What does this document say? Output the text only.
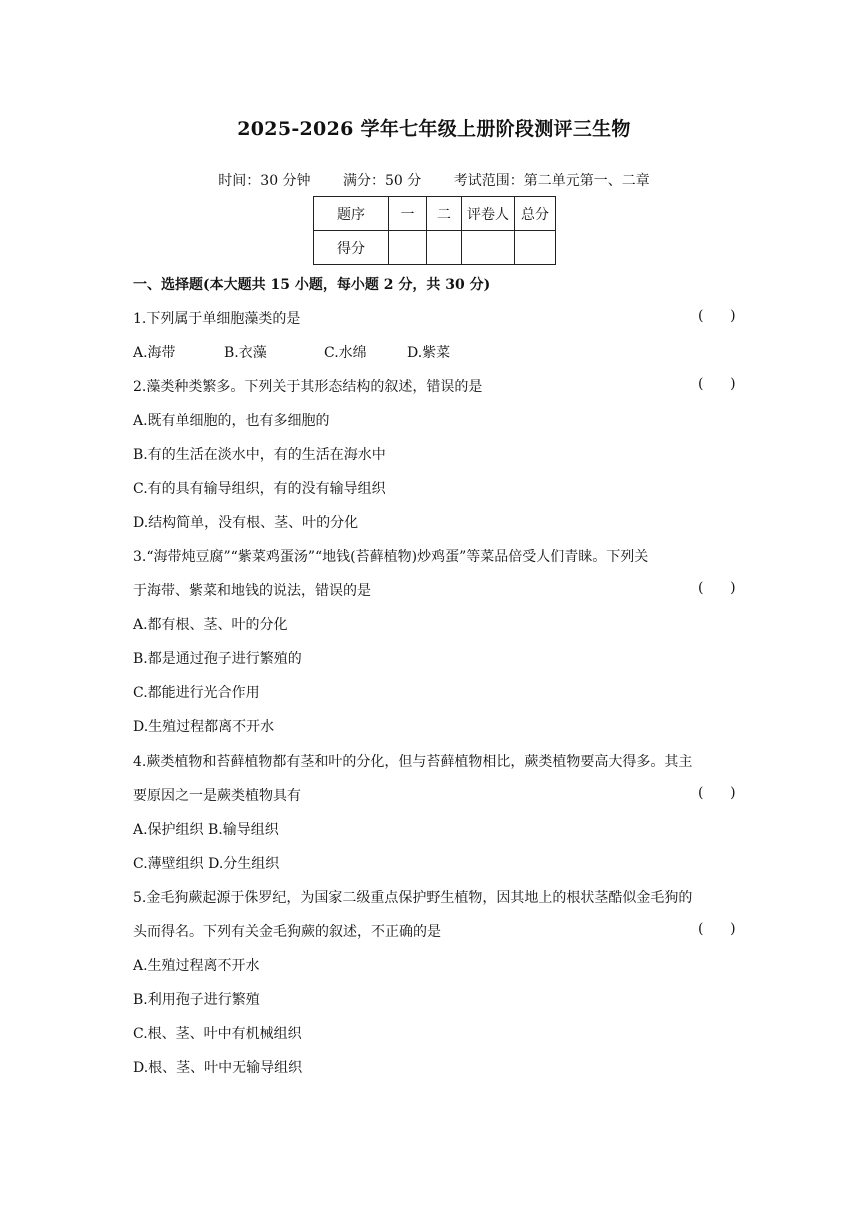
2025-2026 学年七年级上册阶段测评三生物
时间：30 分钟 满分：50 分 考试范围：第二单元第一、二章
题序	一	二	评卷人	总分
得分				
一、选择题(本大题共 15 小题，每小题 2 分，共 30 分)
1.下列属于单细胞藻类的是	(      )
A.海带	B.衣藻	C.水绵	D.紫菜
2.藻类种类繁多。下列关于其形态结构的叙述，错误的是	(      )
A.既有单细胞的，也有多细胞的
B.有的生活在淡水中，有的生活在海水中
C.有的具有输导组织，有的没有输导组织
D.结构简单，没有根、茎、叶的分化
3.“海带炖豆腐”“紫菜鸡蛋汤”“地钱(苔藓植物)炒鸡蛋”等菜品倍受人们青睐。下列关
于海带、紫菜和地钱的说法，错误的是	(      )
A.都有根、茎、叶的分化
B.都是通过孢子进行繁殖的
C.都能进行光合作用
D.生殖过程都离不开水
4.蕨类植物和苔藓植物都有茎和叶的分化，但与苔藓植物相比，蕨类植物要高大得多。其主
要原因之一是蕨类植物具有	(      )
A.保护组织 B.输导组织
C.薄壁组织 D.分生组织
5.金毛狗蕨起源于侏罗纪，为国家二级重点保护野生植物，因其地上的根状茎酷似金毛狗的
头而得名。下列有关金毛狗蕨的叙述，不正确的是	(      )
A.生殖过程离不开水
B.利用孢子进行繁殖
C.根、茎、叶中有机械组织
D.根、茎、叶中无输导组织
